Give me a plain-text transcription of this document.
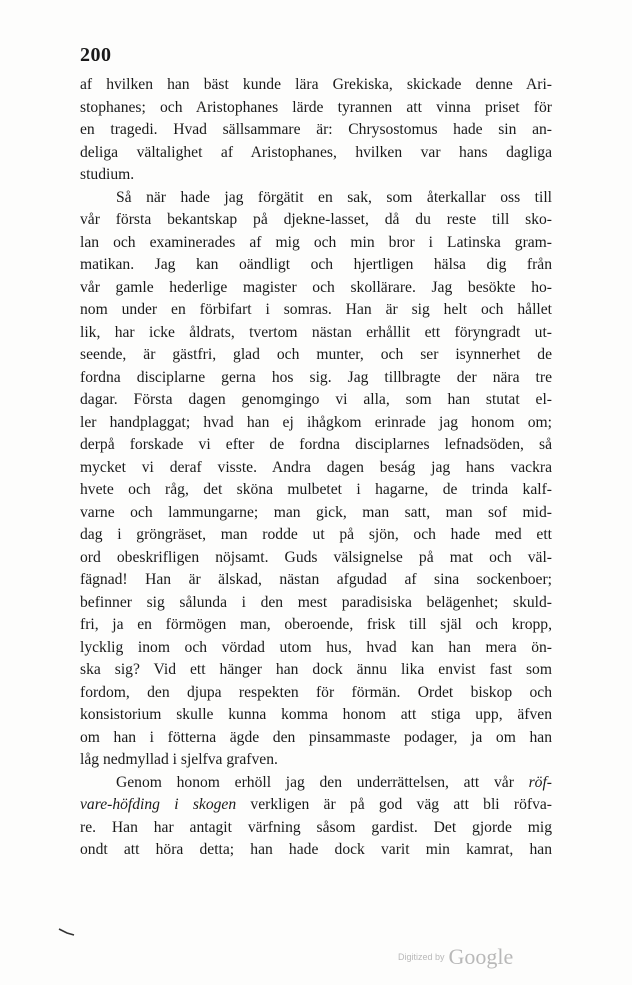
200
af hvilken han bäst kunde lära Grekiska, skickade denne Ari-
stophanes; och Aristophanes lärde tyrannen att vinna priset för
en tragedi. Hvad sällsammare är: Chrysostomus hade sin an-
deliga vältalighet af Aristophanes, hvilken var hans dagliga
studium.
Så när hade jag förgätit en sak, som återkallar oss till
vår första bekantskap på djekne-lasset, då du reste till sko-
lan och examinerades af mig och min bror i Latinska gram-
matikan. Jag kan oändligt och hjertligen hälsa dig från
vår gamle hederlige magister och skollärare. Jag besökte ho-
nom under en förbifart i somras. Han är sig helt och hållet
lik, har icke åldrats, tvertom nästan erhållit ett föryngradt ut-
seende, är gästfri, glad och munter, och ser isynnerhet de
fordna disciplarne gerna hos sig. Jag tillbragte der nära tre
dagar. Första dagen genomgingo vi alla, som han stutat el-
ler handplaggat; hvad han ej ihågkom erinrade jag honom om;
derpå forskade vi efter de fordna disciplarnes lefnadsöden, så
mycket vi deraf visste. Andra dagen beság jag hans vackra
hvete och råg, det sköna mulbetet i hagarne, de trinda kalf-
varne och lammungarne; man gick, man satt, man sof mid-
dag i gröngräset, man rodde ut på sjön, och hade med ett
ord obeskrifligen nöjsamt. Guds välsignelse på mat och väl-
fägnad! Han är älskad, nästan afgudad af sina sockenboer;
befinner sig sålunda i den mest paradisiska belägenhet; skuld-
fri, ja en förmögen man, oberoende, frisk till själ och kropp,
lycklig inom och vördad utom hus, hvad kan han mera ön-
ska sig? Vid ett hänger han dock ännu lika envist fast som
fordom, den djupa respekten för förmän. Ordet biskop och
konsistorium skulle kunna komma honom att stiga upp, äfven
om han i fötterna ägde den pinsammaste podager, ja om han
låg nedmyllad i sjelfva grafven.
Genom honom erhöll jag den underrättelsen, att vår röf-
vare-höfding i skogen verkligen är på god väg att bli röfva-
re. Han har antagit värfning såsom gardist. Det gjorde mig
ondt att höra detta; han hade dock varit min kamrat, han
Digitized by Google
